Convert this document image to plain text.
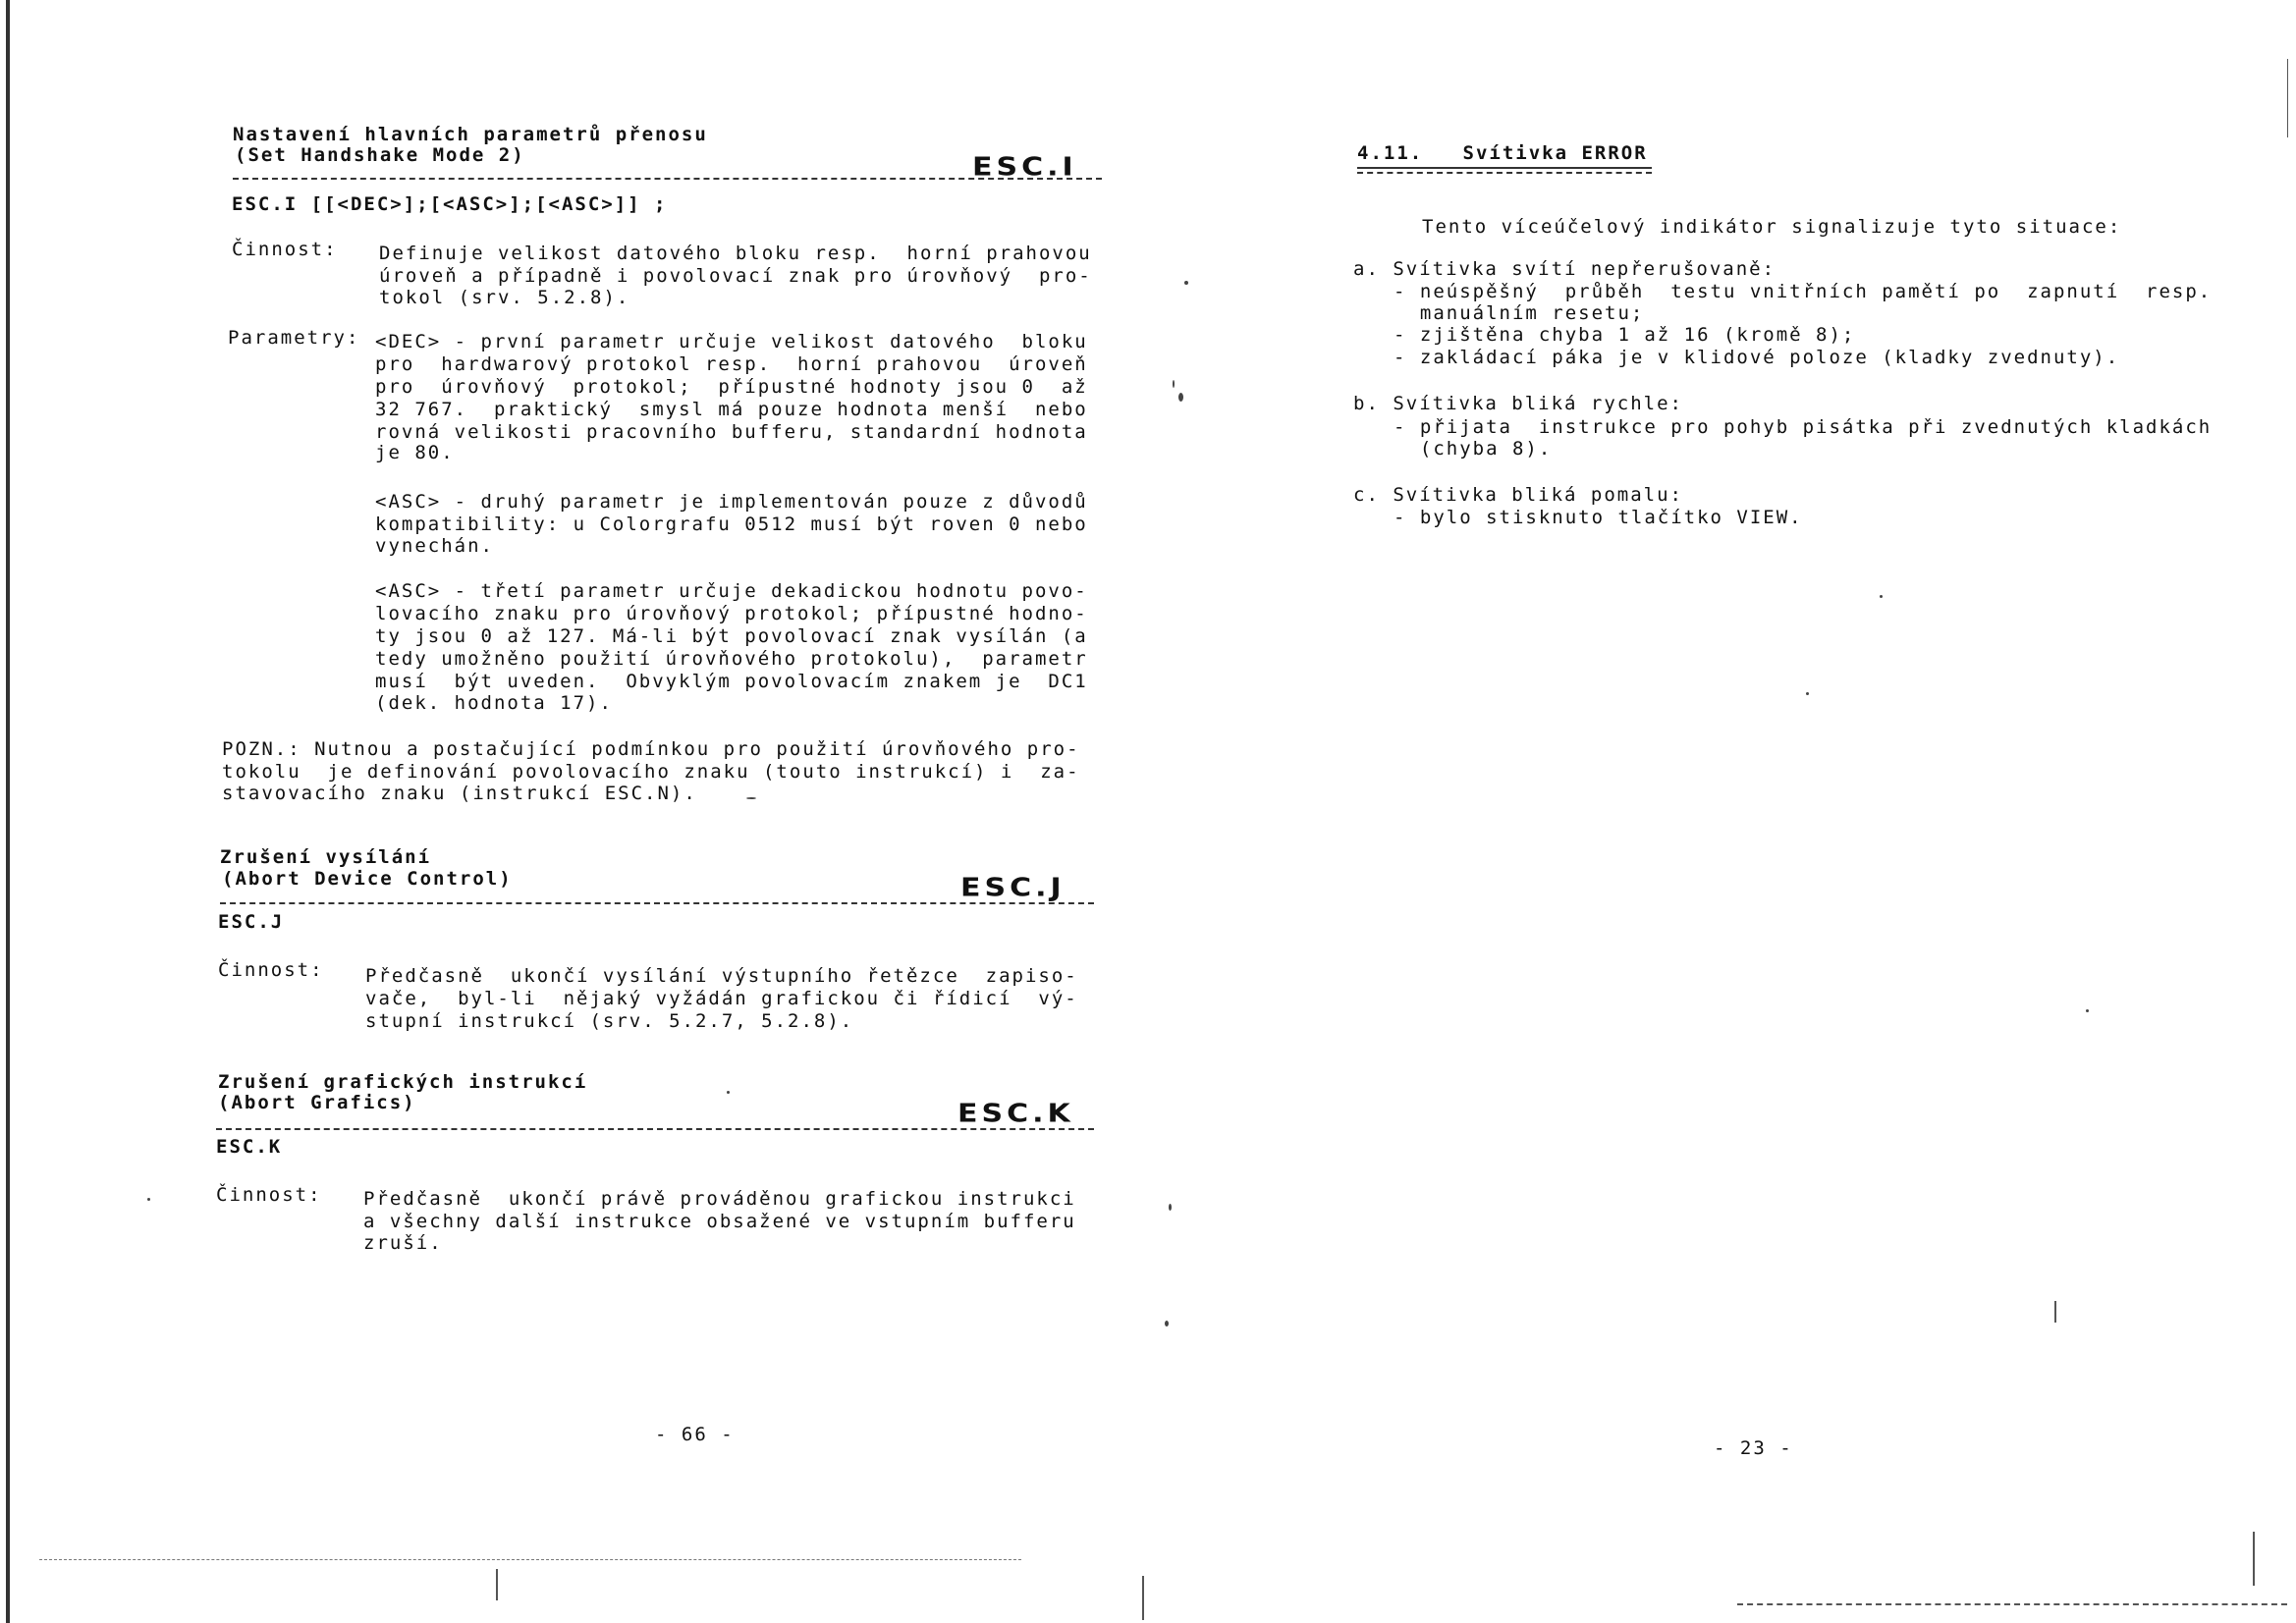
Nastavení hlavních parametrů přenosu
(Set Handshake Mode 2)	ESC.I
ESC.I [[<DEC>];[<ASC>];[<ASC>]] ;
Činnost: Definuje velikost datového bloku resp.  horní prahovou
úroveň a případně i povolovací znak pro úrovňový  pro-
tokol (srv. 5.2.8).
Parametry: <DEC> - první parametr určuje velikost datového  bloku
pro  hardwarový protokol resp.  horní prahovou  úroveň
pro  úrovňový  protokol;  přípustné hodnoty jsou 0  až
32 767.  praktický  smysl má pouze hodnota menší  nebo
rovná velikosti pracovního bufferu, standardní hodnota
je 80.
<ASC> - druhý parametr je implementován pouze z důvodů
kompatibility: u Colorgrafu 0512 musí být roven 0 nebo
vynechán.
<ASC> - třetí parametr určuje dekadickou hodnotu povo-
lovacího znaku pro úrovňový protokol; přípustné hodno-
ty jsou 0 až 127. Má-li být povolovací znak vysílán (a
tedy umožněno použití úrovňového protokolu),  parametr
musí  být uveden.  Obvyklým povolovacím znakem je  DC1
(dek. hodnota 17).
POZN.: Nutnou a postačující podmínkou pro použití úrovňového pro-
tokolu  je definování povolovacího znaku (touto instrukcí) i  za-
stavovacího znaku (instrukcí ESC.N).
Zrušení vysílání
(Abort Device Control)	ESC.J
ESC.J
Činnost: Předčasně  ukončí vysílání výstupního řetězce  zapiso-
vače,  byl-li  nějaký vyžádán grafickou či řídicí  vý-
stupní instrukcí (srv. 5.2.7, 5.2.8).
Zrušení grafických instrukcí
(Abort Grafics)	ESC.K
ESC.K
Činnost: Předčasně  ukončí právě prováděnou grafickou instrukci
a všechny další instrukce obsažené ve vstupním bufferu
zruší.
- 66 -
4.11.   Svítivka ERROR
Tento víceúčelový indikátor signalizuje tyto situace:
a. Svítivka svítí nepřerušovaně:
- neúspěšný  průběh  testu vnitřních pamětí po  zapnutí  resp.
manuálním resetu;
- zjištěna chyba 1 až 16 (kromě 8);
- zakládací páka je v klidové poloze (kladky zvednuty).
b. Svítivka bliká rychle:
- přijata  instrukce pro pohyb pisátka při zvednutých kladkách
(chyba 8).
c. Svítivka bliká pomalu:
- bylo stisknuto tlačítko VIEW.
- 23 -
